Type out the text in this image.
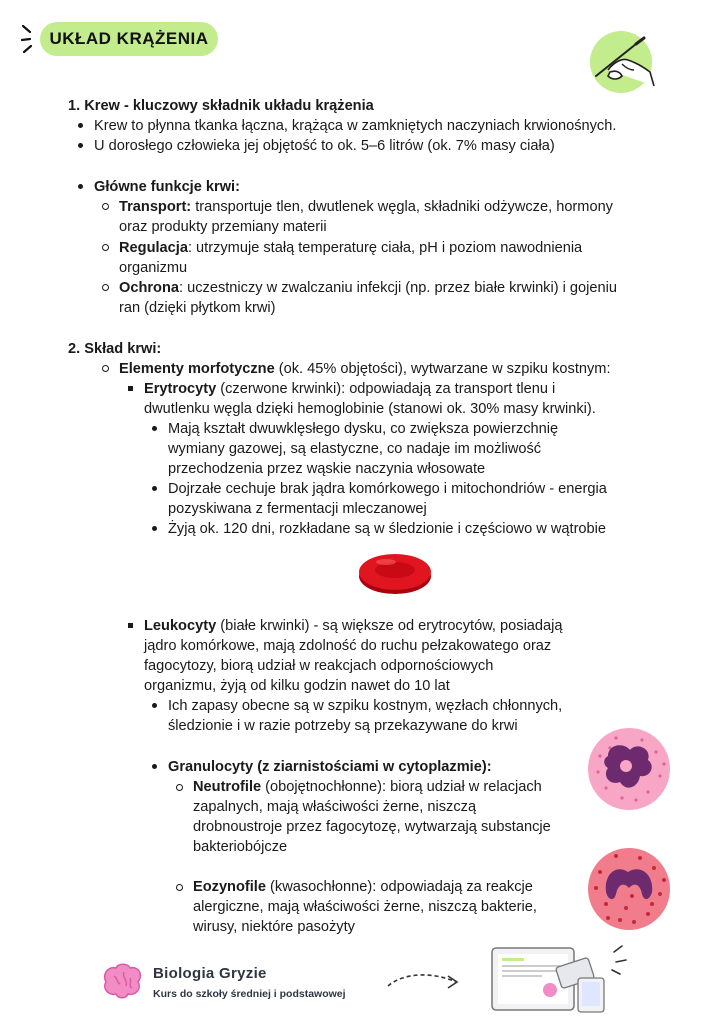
UKŁAD KRĄŻENIA
1. Krew - kluczowy składnik układu krążenia
Krew to płynna tkanka łączna, krążąca w zamkniętych naczyniach krwionośnych.
U dorosłego człowieka jej objętość to ok. 5–6 litrów (ok. 7% masy ciała)
Główne funkcje krwi:
Transport: transportuje tlen, dwutlenek węgla, składniki odżywcze, hormony
oraz produkty przemiany materii
Regulacja: utrzymuje stałą temperaturę ciała, pH i poziom nawodnienia
organizmu
Ochrona: uczestniczy w zwalczaniu infekcji (np. przez białe krwinki) i gojeniu
ran (dzięki płytkom krwi)
2. Skład krwi:
Elementy morfotyczne (ok. 45% objętości), wytwarzane w szpiku kostnym:
Erytrocyty (czerwone krwinki): odpowiadają za transport tlenu i
dwutlenku węgla dzięki hemoglobinie (stanowi ok. 30% masy krwinki).
Mają kształt dwuwklęsłego dysku, co zwiększa powierzchnię
wymiany gazowej, są elastyczne, co nadaje im możliwość
przechodzenia przez wąskie naczynia włosowate
Dojrzałe cechuje brak jądra komórkowego i mitochondriów - energia
pozyskiwana z fermentacji mleczanowej
Żyją ok. 120 dni, rozkładane są w śledzionie i częściowo w wątrobie
Leukocyty (białe krwinki) - są większe od erytrocytów, posiadają
jądro komórkowe, mają zdolność do ruchu pełzakowatego oraz
fagocytozy, biorą udział w reakcjach odpornościowych
organizmu, żyją od kilku godzin nawet do 10 lat
Ich zapasy obecne są w szpiku kostnym, węzłach chłonnych,
śledzionie i w razie potrzeby są przekazywane do krwi
Granulocyty (z ziarnistościami w cytoplazmie):
Neutrofile (obojętnochłonne): biorą udział w relacjach
zapalnych, mają właściwości żerne, niszczą
drobnoustroje przez fagocytozę, wytwarzają substancje
bakteriobójcze
Eozynofile (kwasochłonne): odpowiadają za reakcje
alergiczne, mają właściwości żerne, niszczą bakterie,
wirusy, niektóre pasożyty
Biologia Gryzie
Kurs do szkoły średniej i podstawowej
